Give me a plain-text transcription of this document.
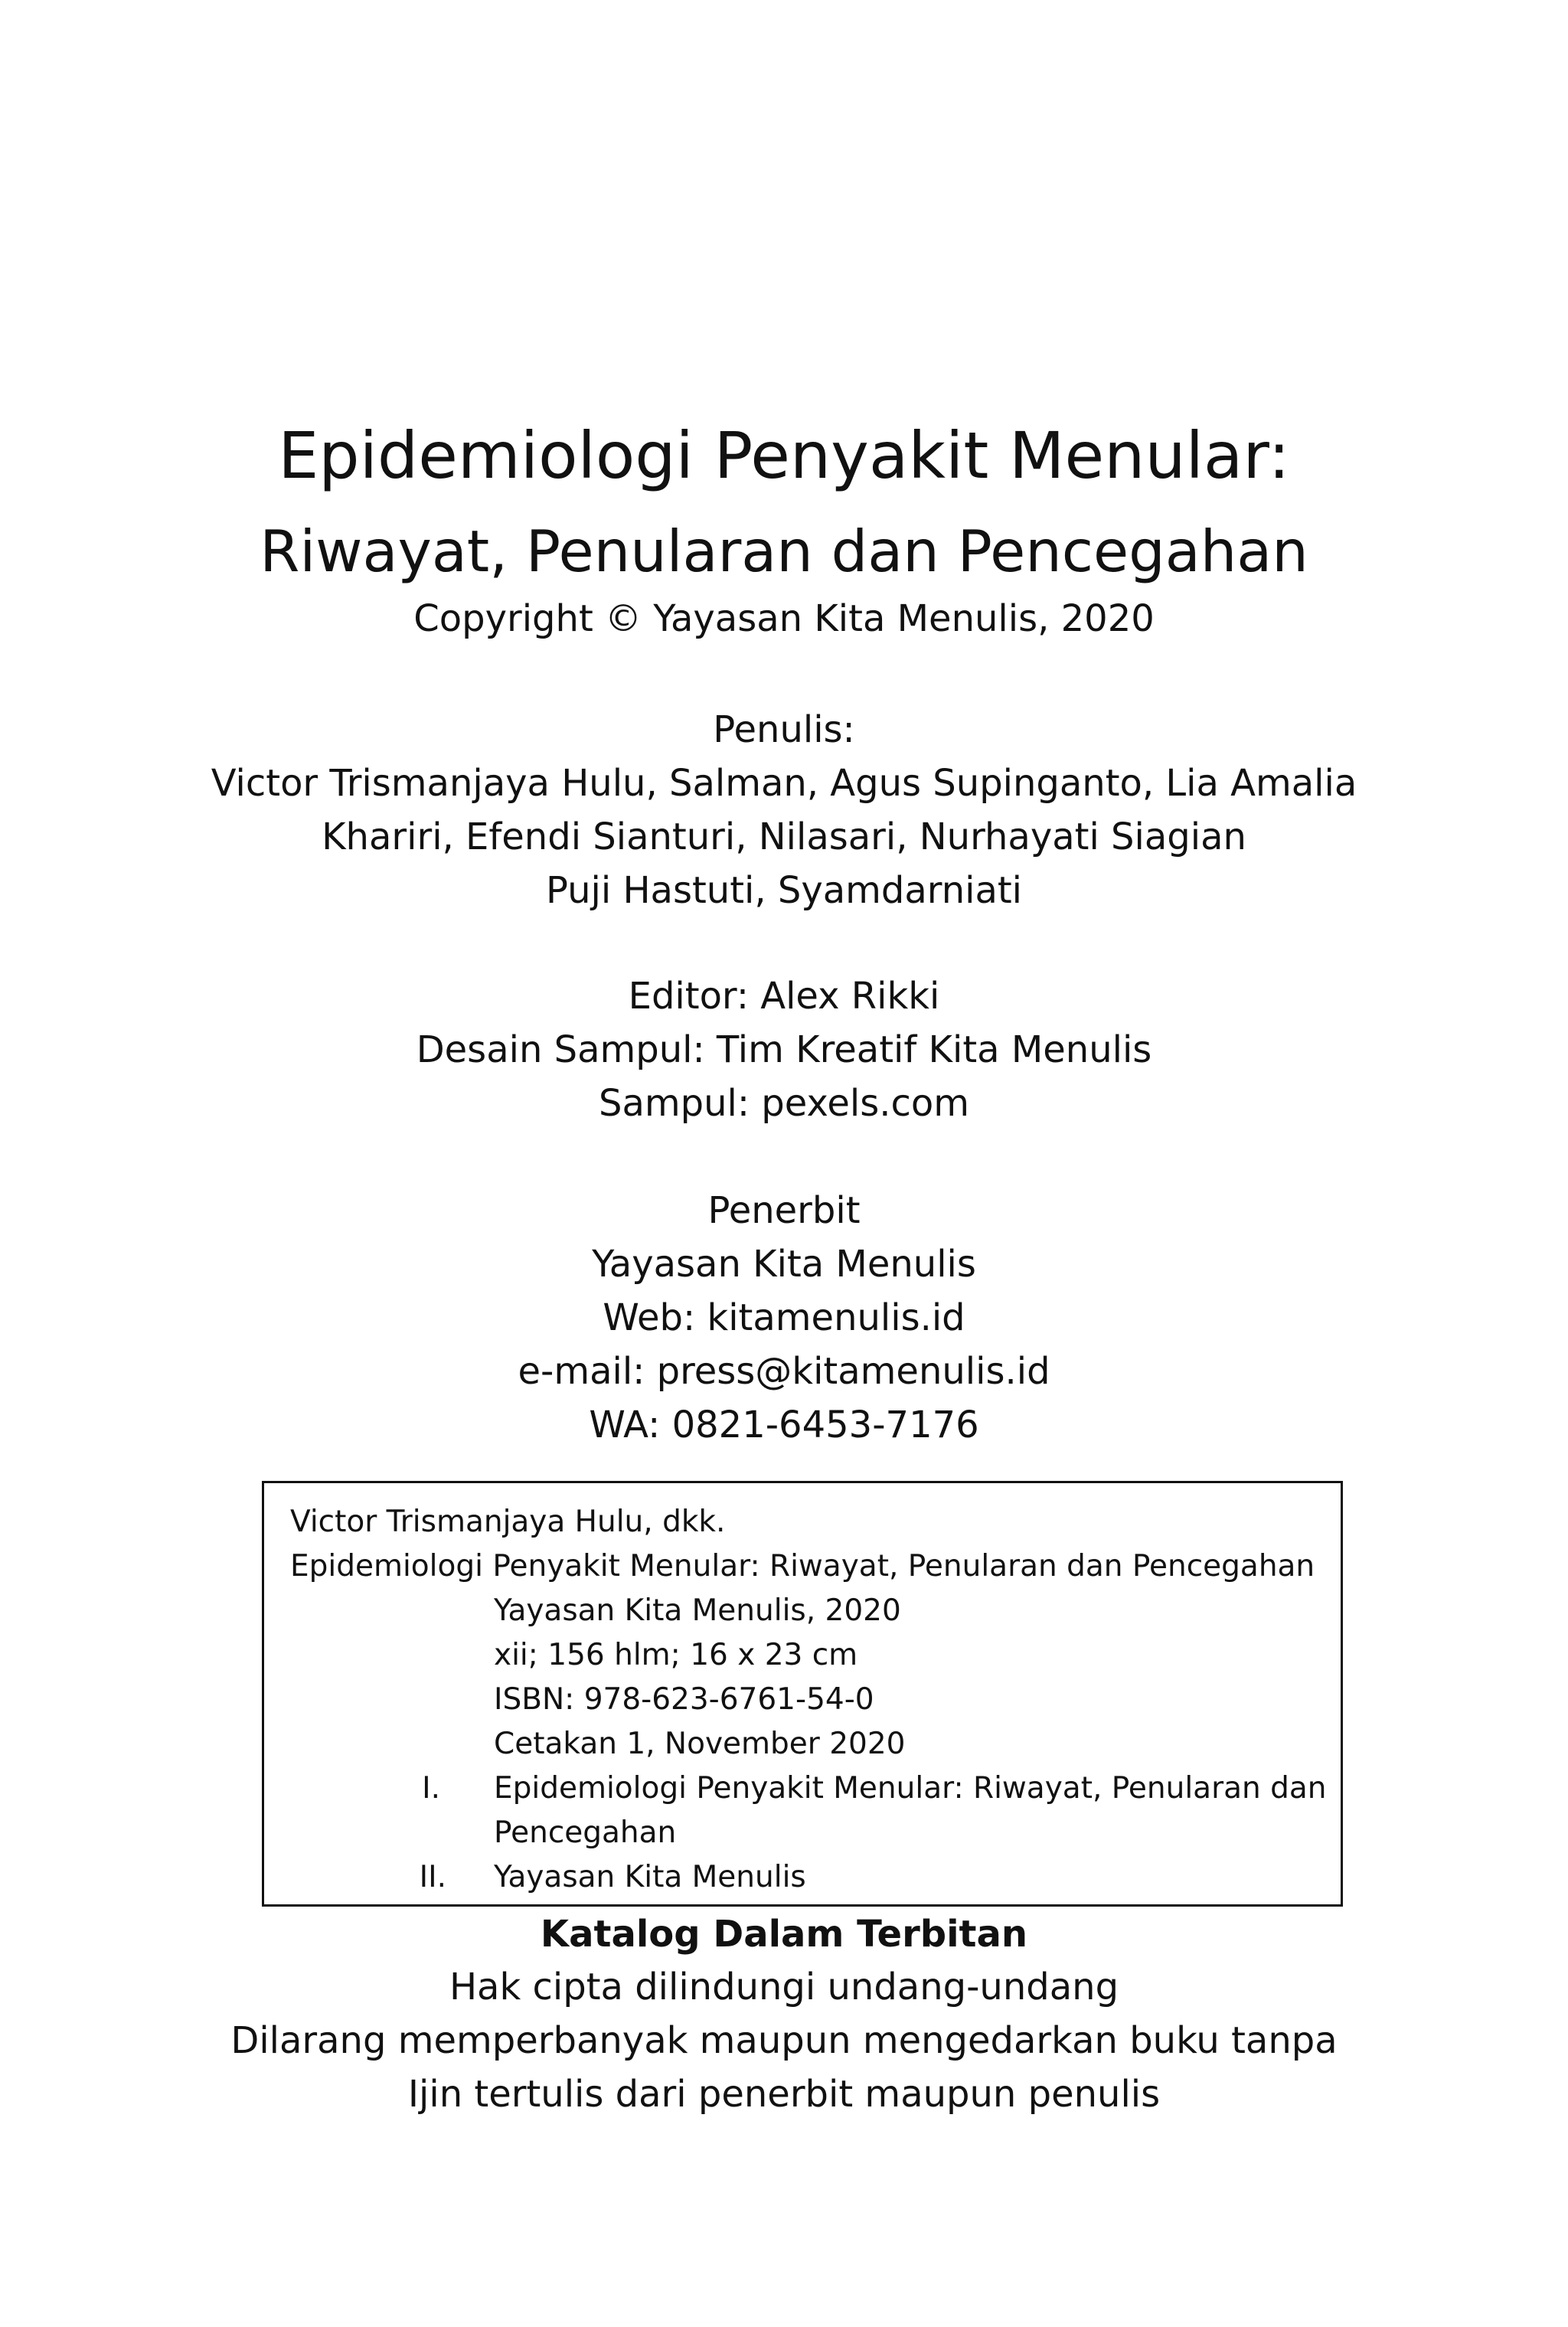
Epidemiologi Penyakit Menular:
Riwayat, Penularan dan Pencegahan
Copyright © Yayasan Kita Menulis, 2020
Penulis:
Victor Trismanjaya Hulu, Salman, Agus Supinganto, Lia Amalia
Khariri, Efendi Sianturi, Nilasari, Nurhayati Siagian
Puji Hastuti, Syamdarniati
Editor: Alex Rikki
Desain Sampul: Tim Kreatif Kita Menulis
Sampul: pexels.com
Penerbit
Yayasan Kita Menulis
Web: kitamenulis.id
e-mail: press@kitamenulis.id
WA: 0821-6453-7176
Victor Trismanjaya Hulu, dkk.
Epidemiologi Penyakit Menular: Riwayat, Penularan dan Pencegahan
Yayasan Kita Menulis, 2020
xii; 156 hlm; 16 x 23 cm
ISBN: 978-623-6761-54-0
Cetakan 1, November 2020
I. Epidemiologi Penyakit Menular: Riwayat, Penularan dan
Pencegahan
II. Yayasan Kita Menulis
Katalog Dalam Terbitan
Hak cipta dilindungi undang-undang
Dilarang memperbanyak maupun mengedarkan buku tanpa
Ijin tertulis dari penerbit maupun penulis
